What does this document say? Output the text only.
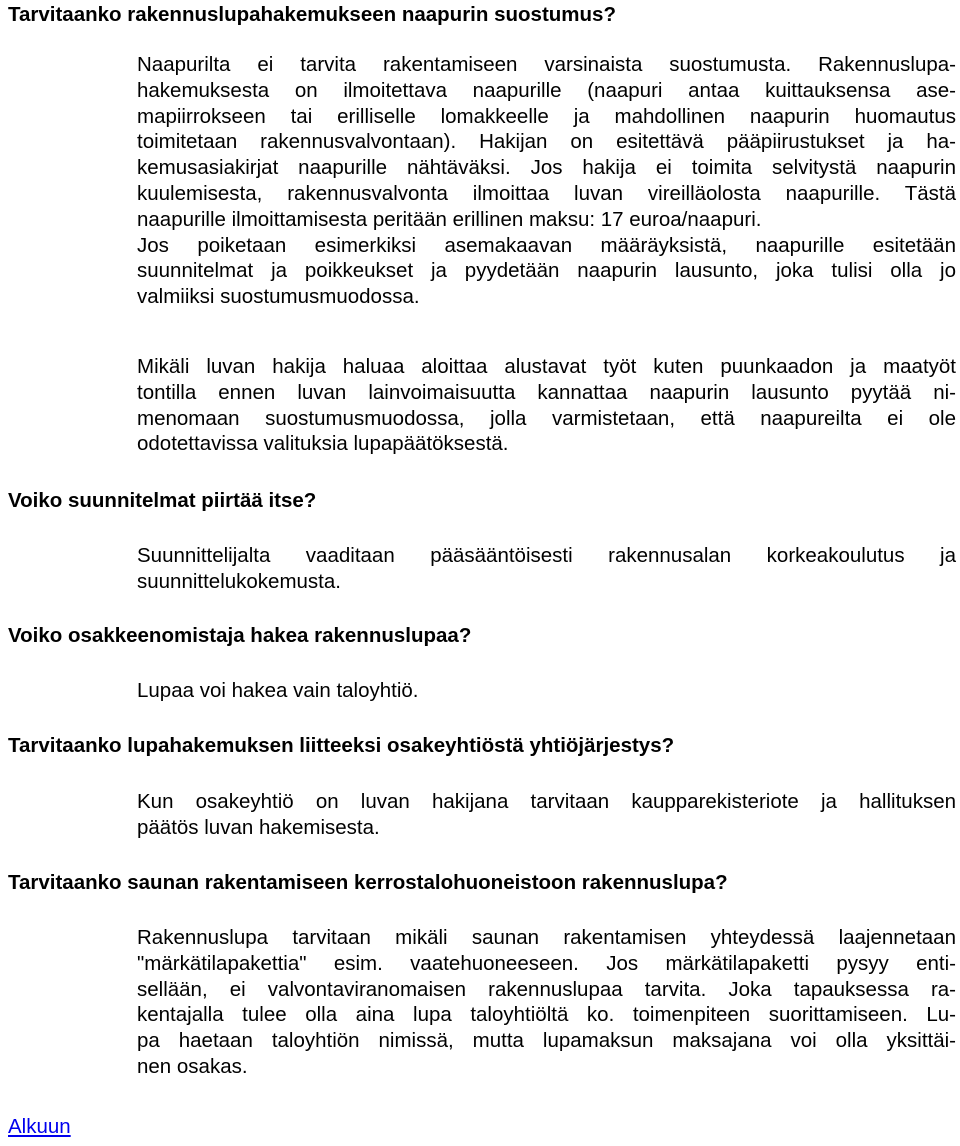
Tarvitaanko rakennuslupahakemukseen naapurin suostumus?
Naapurilta ei tarvita rakentamiseen varsinaista suostumusta. Rakennuslupa-
hakemuksesta on ilmoitettava naapurille (naapuri antaa kuittauksensa ase-
mapiirrokseen tai erilliselle lomakkeelle ja mahdollinen naapurin huomautus
toimitetaan rakennusvalvontaan). Hakijan on esitettävä pääpiirustukset ja ha-
kemusasiakirjat naapurille nähtäväksi. Jos hakija ei toimita selvitystä naapurin
kuulemisesta, rakennusvalvonta ilmoittaa luvan vireilläolosta naapurille. Tästä
naapurille ilmoittamisesta peritään erillinen maksu: 17 euroa/naapuri.
Jos poiketaan esimerkiksi asemakaavan määräyksistä, naapurille esitetään
suunnitelmat ja poikkeukset ja pyydetään naapurin lausunto, joka tulisi olla jo
valmiiksi suostumusmuodossa.
Mikäli luvan hakija haluaa aloittaa alustavat työt kuten puunkaadon ja maatyöt
tontilla ennen luvan lainvoimaisuutta kannattaa naapurin lausunto pyytää ni-
menomaan suostumusmuodossa, jolla varmistetaan, että naapureilta ei ole
odotettavissa valituksia lupapäätöksestä.
Voiko suunnitelmat piirtää itse?
Suunnittelijalta vaaditaan pääsääntöisesti rakennusalan korkeakoulutus ja
suunnittelukokemusta.
Voiko osakkeenomistaja hakea rakennuslupaa?
Lupaa voi hakea vain taloyhtiö.
Tarvitaanko lupahakemuksen liitteeksi osakeyhtiöstä yhtiöjärjestys?
Kun osakeyhtiö on luvan hakijana tarvitaan kaupparekisteriote ja hallituksen
päätös luvan hakemisesta.
Tarvitaanko saunan rakentamiseen kerrostalohuoneistoon rakennuslupa?
Rakennuslupa tarvitaan mikäli saunan rakentamisen yhteydessä laajennetaan
"märkätilapakettia" esim. vaatehuoneeseen. Jos märkätilapaketti pysyy enti-
sellään, ei valvontaviranomaisen rakennuslupaa tarvita. Joka tapauksessa ra-
kentajalla tulee olla aina lupa taloyhtiöltä ko. toimenpiteen suorittamiseen. Lu-
pa haetaan taloyhtiön nimissä, mutta lupamaksun maksajana voi olla yksittäi-
nen osakas.
Alkuun
